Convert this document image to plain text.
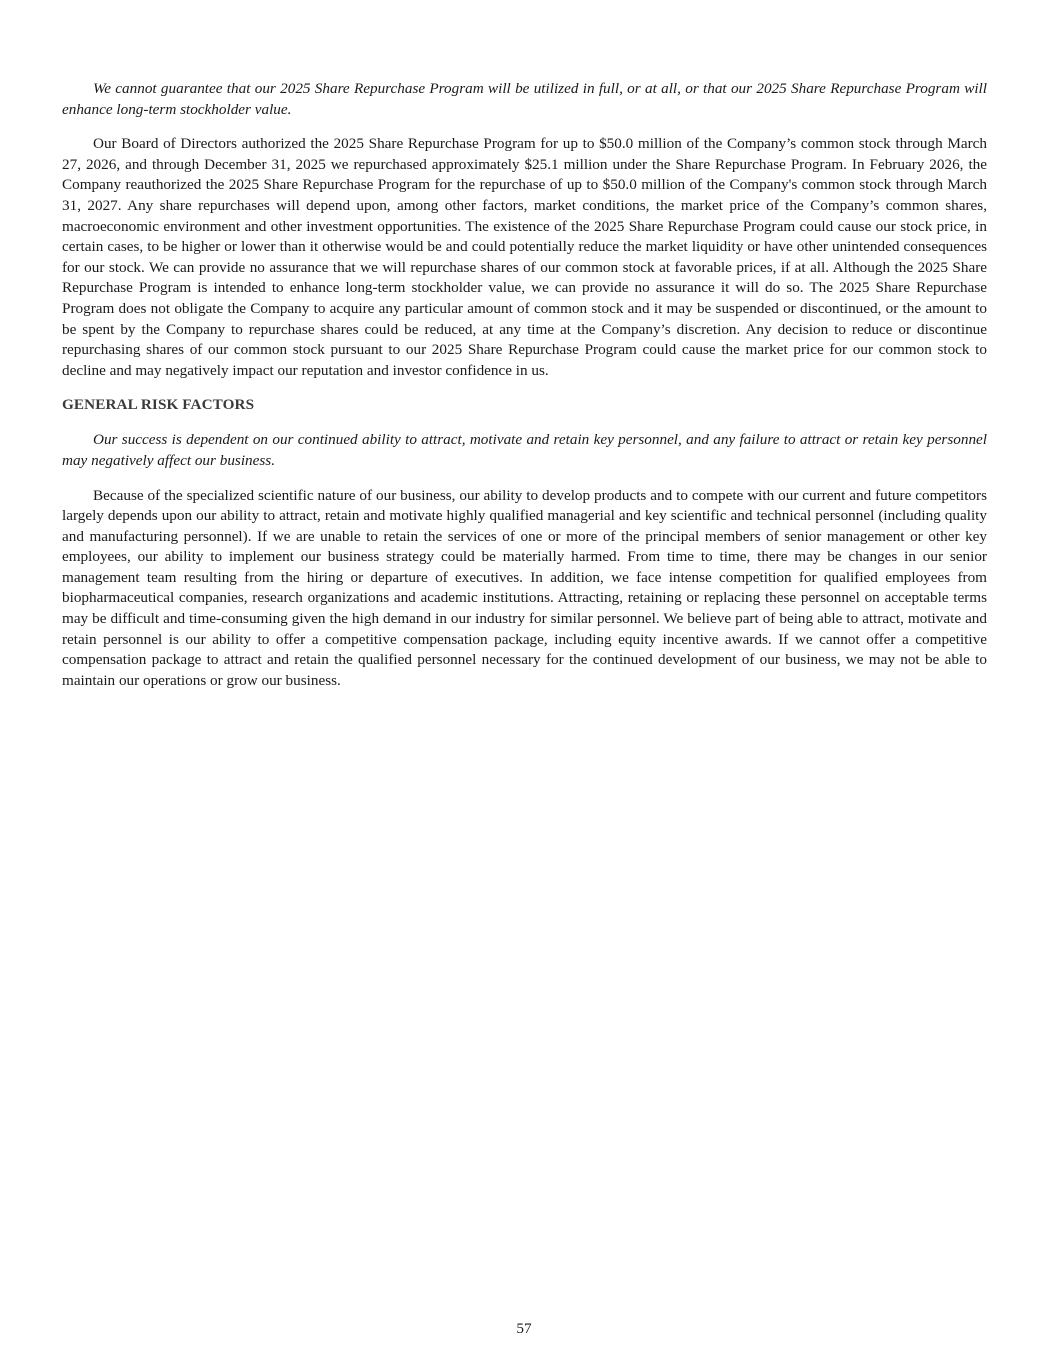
We cannot guarantee that our 2025 Share Repurchase Program will be utilized in full, or at all, or that our 2025 Share Repurchase Program will enhance long-term stockholder value.

Our Board of Directors authorized the 2025 Share Repurchase Program for up to $50.0 million of the Company’s common stock through March 27, 2026, and through December 31, 2025 we repurchased approximately $25.1 million under the Share Repurchase Program. In February 2026, the Company reauthorized the 2025 Share Repurchase Program for the repurchase of up to $50.0 million of the Company's common stock through March 31, 2027. Any share repurchases will depend upon, among other factors, market conditions, the market price of the Company’s common shares, macroeconomic environment and other investment opportunities. The existence of the 2025 Share Repurchase Program could cause our stock price, in certain cases, to be higher or lower than it otherwise would be and could potentially reduce the market liquidity or have other unintended consequences for our stock. We can provide no assurance that we will repurchase shares of our common stock at favorable prices, if at all. Although the 2025 Share Repurchase Program is intended to enhance long-term stockholder value, we can provide no assurance it will do so. The 2025 Share Repurchase Program does not obligate the Company to acquire any particular amount of common stock and it may be suspended or discontinued, or the amount to be spent by the Company to repurchase shares could be reduced, at any time at the Company’s discretion. Any decision to reduce or discontinue repurchasing shares of our common stock pursuant to our 2025 Share Repurchase Program could cause the market price for our common stock to decline and may negatively impact our reputation and investor confidence in us.

GENERAL RISK FACTORS

Our success is dependent on our continued ability to attract, motivate and retain key personnel, and any failure to attract or retain key personnel may negatively affect our business.

Because of the specialized scientific nature of our business, our ability to develop products and to compete with our current and future competitors largely depends upon our ability to attract, retain and motivate highly qualified managerial and key scientific and technical personnel (including quality and manufacturing personnel). If we are unable to retain the services of one or more of the principal members of senior management or other key employees, our ability to implement our business strategy could be materially harmed. From time to time, there may be changes in our senior management team resulting from the hiring or departure of executives. In addition, we face intense competition for qualified employees from biopharmaceutical companies, research organizations and academic institutions. Attracting, retaining or replacing these personnel on acceptable terms may be difficult and time-consuming given the high demand in our industry for similar personnel. We believe part of being able to attract, motivate and retain personnel is our ability to offer a competitive compensation package, including equity incentive awards. If we cannot offer a competitive compensation package to attract and retain the qualified personnel necessary for the continued development of our business, we may not be able to maintain our operations or grow our business.

57
